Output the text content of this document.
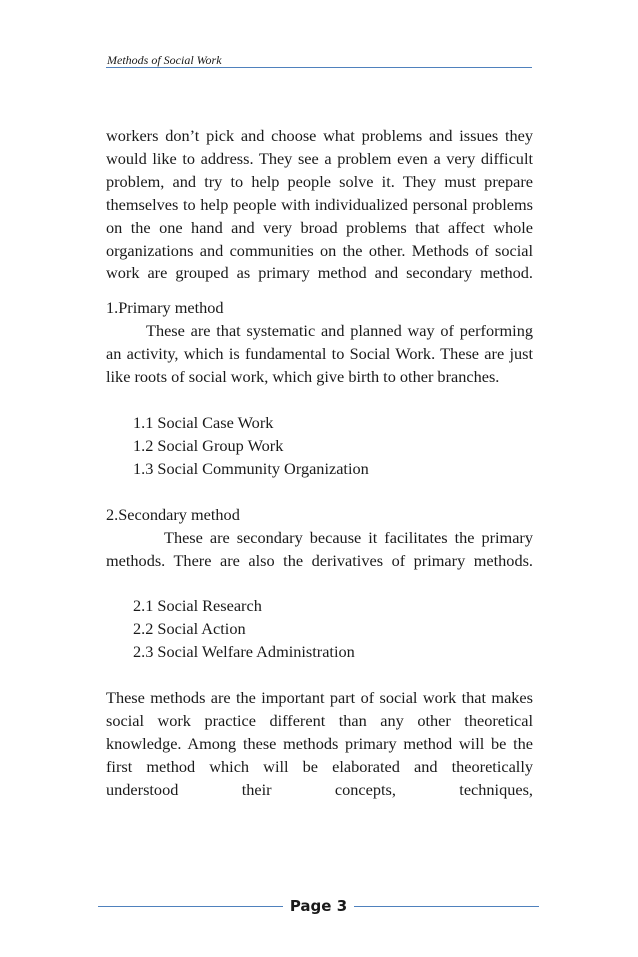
Methods of Social Work

workers don’t pick and choose what problems and issues they would like to address. They see a problem even a very difficult problem, and try to help people solve it. They must prepare themselves to help people with individualized personal problems on the one hand and very broad problems that affect whole organizations and communities on the other. Methods of social work are grouped as primary method and secondary method.

1.Primary method

These are that systematic and planned way of performing an activity, which is fundamental to Social Work. These are just like roots of social work, which give birth to other branches.

1.1 Social Case Work
1.2 Social Group Work
1.3 Social Community Organization
2.Secondary method

These are secondary because it facilitates the primary methods. There are also the derivatives of primary methods.

2.1 Social Research
2.2 Social Action
2.3 Social Welfare Administration

These methods are the important part of social work that makes social work practice different than any other theoretical knowledge. Among these methods primary method will be the first method which will be elaborated and theoretically understood their concepts, techniques,

Page 3
